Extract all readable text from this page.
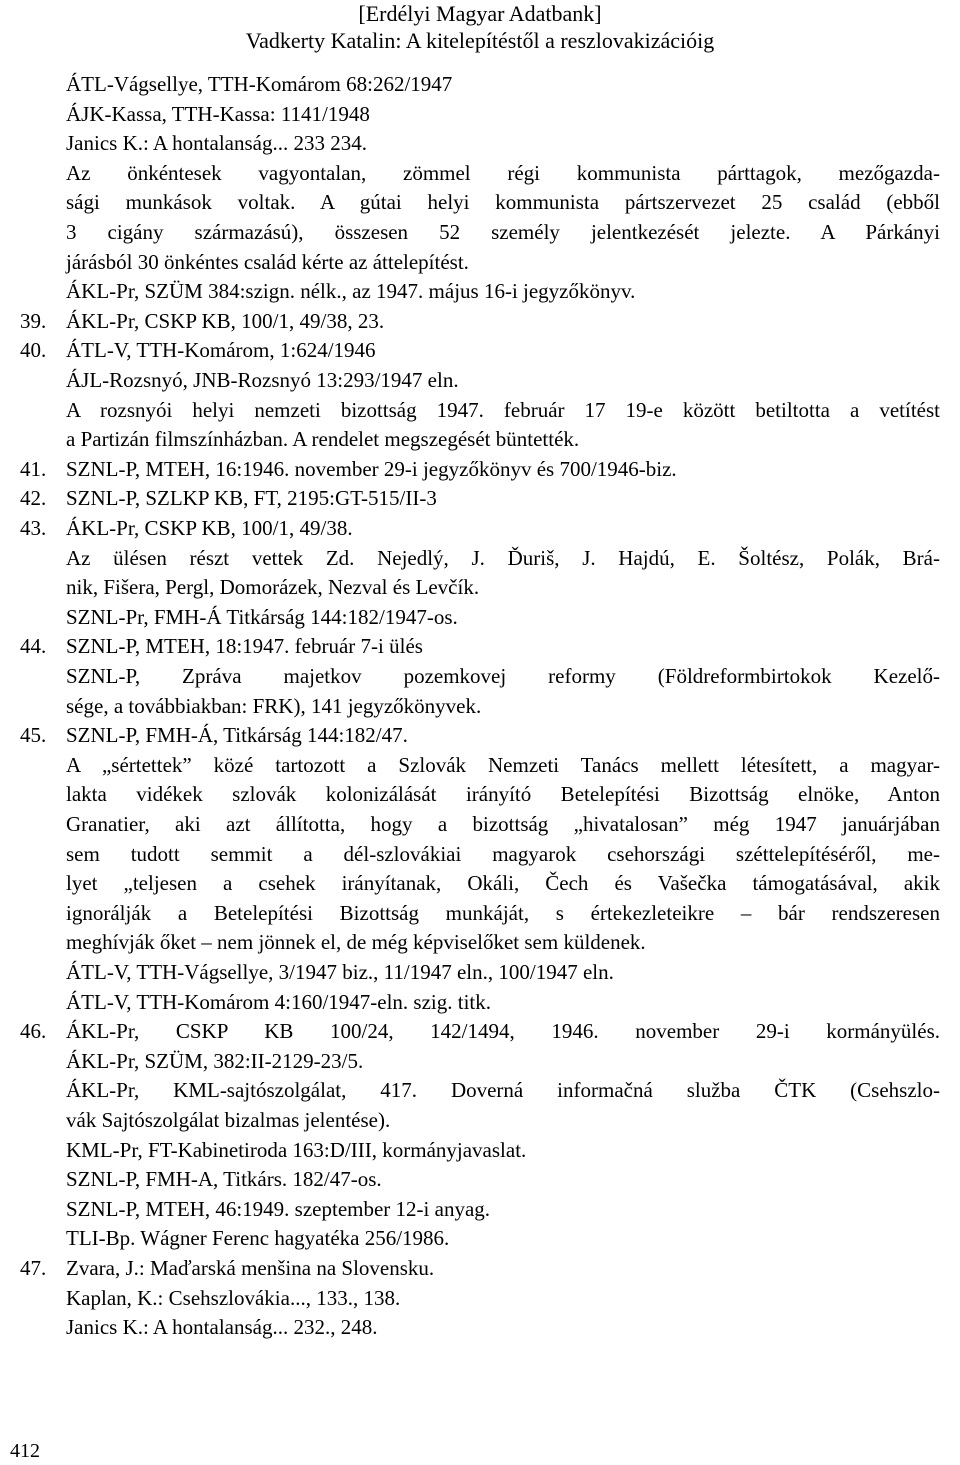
[Erdélyi Magyar Adatbank]
Vadkerty Katalin: A kitelepítéstől a reszlovakizációig
ÁTL-Vágsellye, TTH-Komárom 68:262/1947
ÁJK-Kassa, TTH-Kassa: 1141/1948
Janics K.: A hontalanság... 233 234.
Az önkéntesek vagyontalan, zömmel régi kommunista párttagok, mezőgazda-
sági munkások voltak. A gútai helyi kommunista pártszervezet 25 család (ebből
3 cigány származású), összesen 52 személy jelentkezését jelezte. A Párkányi
járásból 30 önkéntes család kérte az áttelepítést.
ÁKL-Pr, SZÜM 384:szign. nélk., az 1947. május 16-i jegyzőkönyv.
39. ÁKL-Pr, CSKP KB, 100/1, 49/38, 23.
40. ÁTL-V, TTH-Komárom, 1:624/1946
ÁJL-Rozsnyó, JNB-Rozsnyó 13:293/1947 eln.
A rozsnyói helyi nemzeti bizottság 1947. február 17 19-e között betiltotta a vetítést
a Partizán filmszínházban. A rendelet megszegését büntették.
41. SZNL-P, MTEH, 16:1946. november 29-i jegyzőkönyv és 700/1946-biz.
42. SZNL-P, SZLKP KB, FT, 2195:GT-515/II-3
43. ÁKL-Pr, CSKP KB, 100/1, 49/38.
Az ülésen részt vettek Zd. Nejedlý, J. Ďuriš, J. Hajdú, E. Šoltész, Polák, Brá-
nik, Fišera, Pergl, Domorázek, Nezval és Levčík.
SZNL-Pr, FMH-Á Titkárság 144:182/1947-os.
44. SZNL-P, MTEH, 18:1947. február 7-i ülés
SZNL-P, Zpráva majetkov pozemkovej reformy (Földreformbirtokok Kezelő-
sége, a továbbiakban: FRK), 141 jegyzőkönyvek.
45. SZNL-P, FMH-Á, Titkárság 144:182/47.
A „sértettek” közé tartozott a Szlovák Nemzeti Tanács mellett létesített, a magyar-
lakta vidékek szlovák kolonizálását irányító Betelepítési Bizottság elnöke, Anton
Granatier, aki azt állította, hogy a bizottság „hivatalosan” még 1947 januárjában
sem tudott semmit a dél-szlovákiai magyarok csehországi széttelepítéséről, me-
lyet „teljesen a csehek irányítanak, Okáli, Čech és Vašečka támogatásával, akik
ignorálják a Betelepítési Bizottság munkáját, s értekezleteikre – bár rendszeresen
meghívják őket – nem jönnek el, de még képviselőket sem küldenek.
ÁTL-V, TTH-Vágsellye, 3/1947 biz., 11/1947 eln., 100/1947 eln.
ÁTL-V, TTH-Komárom 4:160/1947-eln. szig. titk.
46. ÁKL-Pr, CSKP KB 100/24, 142/1494, 1946. november 29-i kormányülés.
ÁKL-Pr, SZÜM, 382:II-2129-23/5.
ÁKL-Pr, KML-sajtószolgálat, 417. Doverná informačná služba ČTK (Csehszlo-
vák Sajtószolgálat bizalmas jelentése).
KML-Pr, FT-Kabinetiroda 163:D/III, kormányjavaslat.
SZNL-P, FMH-A, Titkárs. 182/47-os.
SZNL-P, MTEH, 46:1949. szeptember 12-i anyag.
TLI-Bp. Wágner Ferenc hagyatéka 256/1986.
47. Zvara, J.: Maďarská menšina na Slovensku.
Kaplan, K.: Csehszlovákia..., 133., 138.
Janics K.: A hontalanság... 232., 248.
412
